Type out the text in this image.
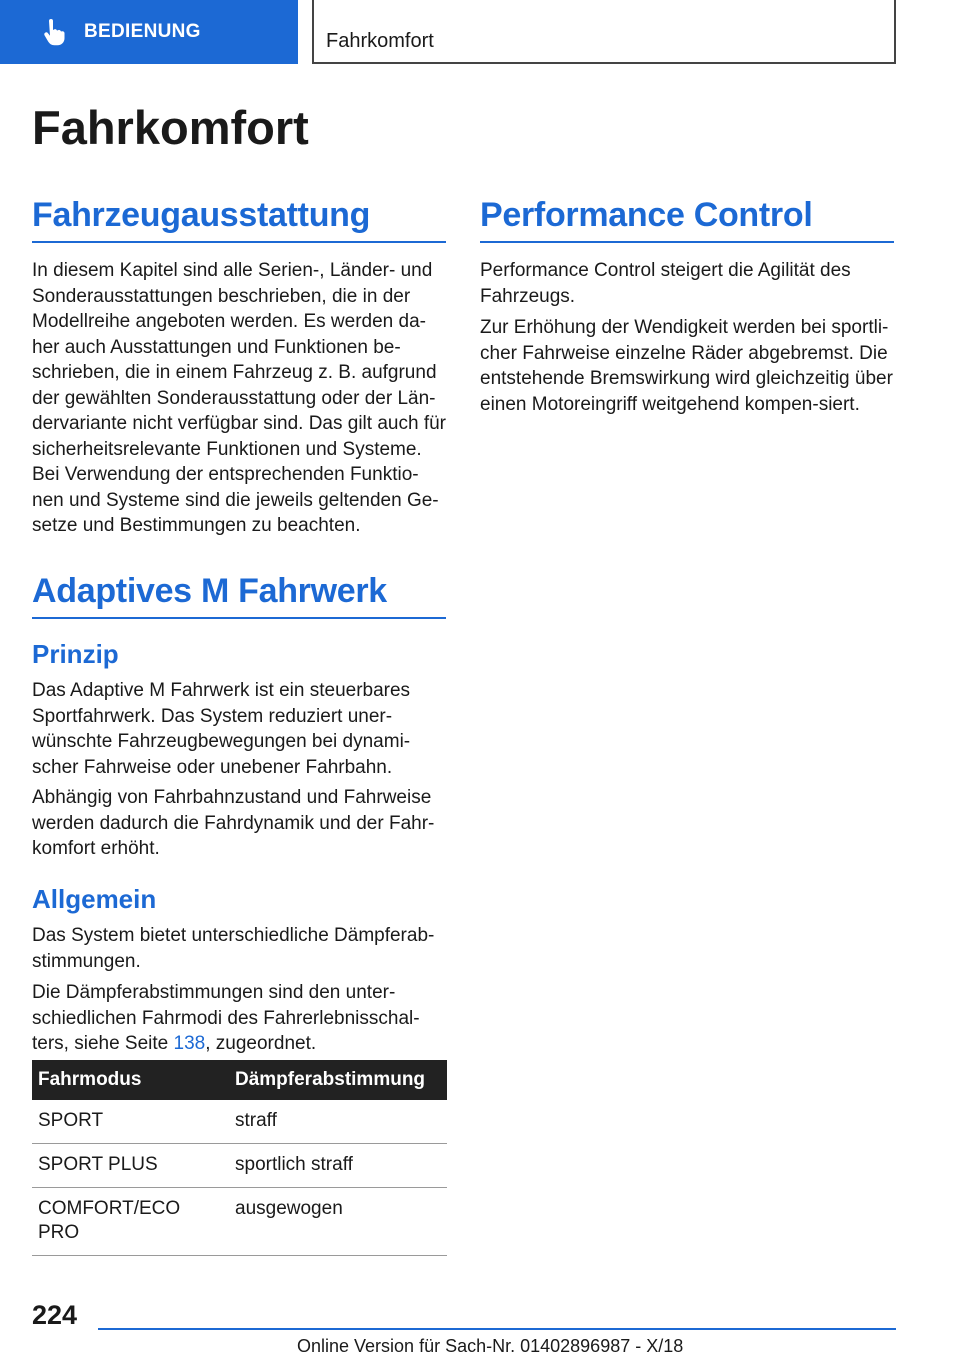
BEDIENUNG	Fahrkomfort
Fahrkomfort
Fahrzeugausstattung

In diesem Kapitel sind alle Serien-, Länder- und Sonderausstattungen beschrieben, die in der Modellreihe angeboten werden. Es werden da-her auch Ausstattungen und Funktionen be-schrieben, die in einem Fahrzeug z. B. aufgrund der gewählten Sonderausstattung oder der Län-dervariante nicht verfügbar sind. Das gilt auch für sicherheitsrelevante Funktionen und Systeme. Bei Verwendung der entsprechenden Funktio-nen und Systeme sind die jeweils geltenden Ge-setze und Bestimmungen zu beachten.

Adaptives M Fahrwerk
Prinzip

Das Adaptive M Fahrwerk ist ein steuerbares Sportfahrwerk. Das System reduziert uner-wünschte Fahrzeugbewegungen bei dynami-scher Fahrweise oder unebener Fahrbahn.

Abhängig von Fahrbahnzustand und Fahrweise werden dadurch die Fahrdynamik und der Fahr-komfort erhöht.

Allgemein

Das System bietet unterschiedliche Dämpferab-stimmungen.

Die Dämpferabstimmungen sind den unter-schiedlichen Fahrmodi des Fahrerlebnisschal-ters, siehe Seite 138, zugeordnet.

Fahrmodus	Dämpferabstimmung
SPORT	straff
SPORT PLUS	sportlich straff
COMFORT/ECO PRO	ausgewogen
Performance Control

Performance Control steigert die Agilität des Fahrzeugs.

Zur Erhöhung der Wendigkeit werden bei sportli-cher Fahrweise einzelne Räder abgebremst. Die entstehende Bremswirkung wird gleichzeitig über einen Motoreingriff weitgehend kompen-siert.

224
Online Version für Sach-Nr. 01402896987 - X/18
